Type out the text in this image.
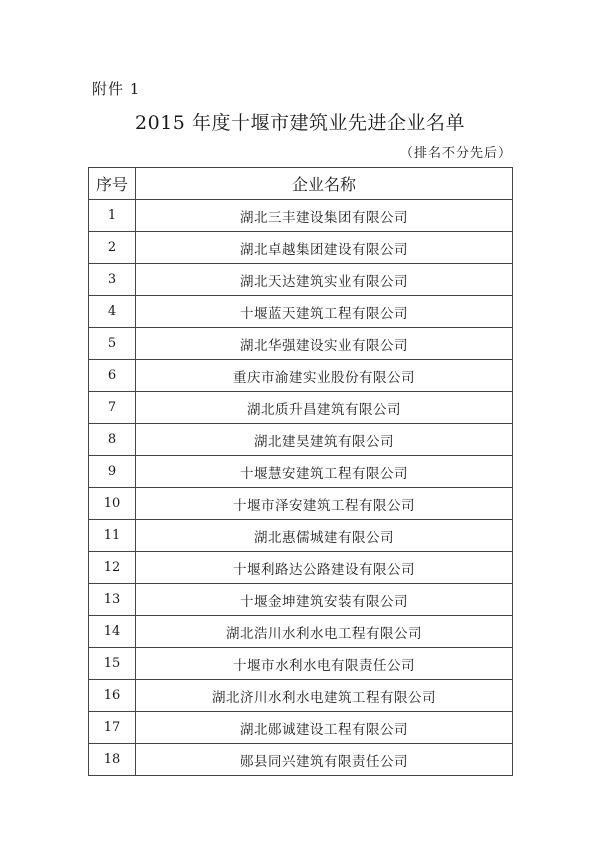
附件 1
2015 年度十堰市建筑业先进企业名单
（排名不分先后）
序号	企业名称
1	湖北三丰建设集团有限公司
2	湖北卓越集团建设有限公司
3	湖北天达建筑实业有限公司
4	十堰蓝天建筑工程有限公司
5	湖北华强建设实业有限公司
6	重庆市渝建实业股份有限公司
7	湖北质升昌建筑有限公司
8	湖北建昊建筑有限公司
9	十堰慧安建筑工程有限公司
10	十堰市泽安建筑工程有限公司
11	湖北惠儒城建有限公司
12	十堰利路达公路建设有限公司
13	十堰金坤建筑安装有限公司
14	湖北浩川水利水电工程有限公司
15	十堰市水利水电有限责任公司
16	湖北济川水利水电建筑工程有限公司
17	湖北郧诚建设工程有限公司
18	郧县同兴建筑有限责任公司
